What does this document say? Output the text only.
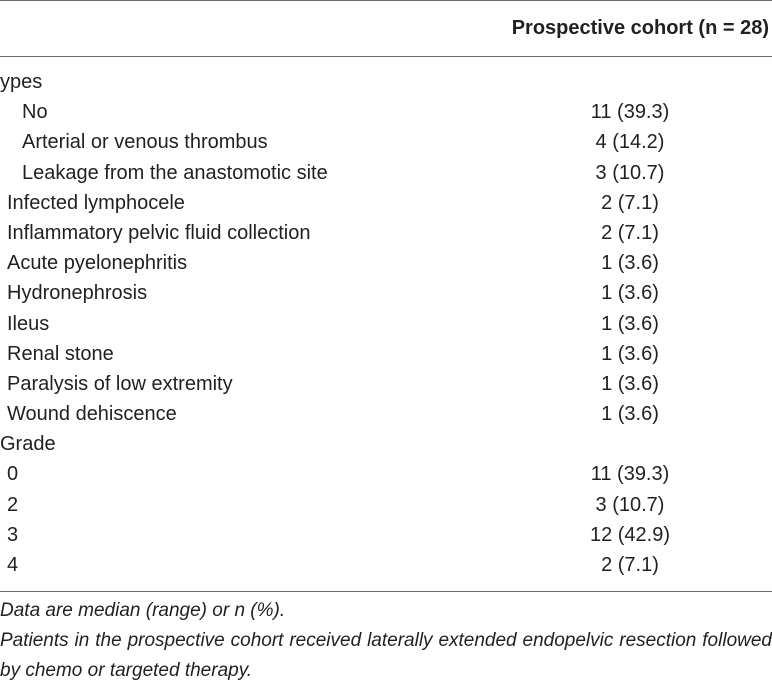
Prospective cohort (n = 28)
ypes
No	11 (39.3)
Arterial or venous thrombus	4 (14.2)
Leakage from the anastomotic site	3 (10.7)
Infected lymphocele	2 (7.1)
Inflammatory pelvic fluid collection	2 (7.1)
Acute pyelonephritis	1 (3.6)
Hydronephrosis	1 (3.6)
Ileus	1 (3.6)
Renal stone	1 (3.6)
Paralysis of low extremity	1 (3.6)
Wound dehiscence	1 (3.6)
Grade
0	11 (39.3)
2	3 (10.7)
3	12 (42.9)
4	2 (7.1)
Data are median (range) or n (%).
Patients in the prospective cohort received laterally extended endopelvic resection followed by chemo or targeted therapy.
